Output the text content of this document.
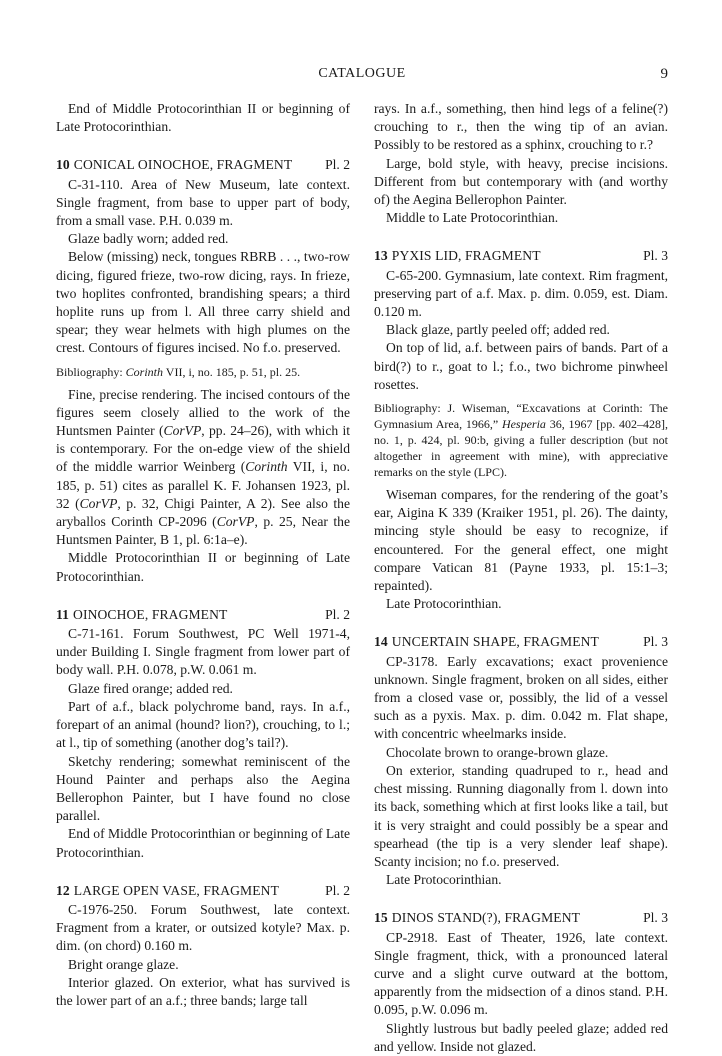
CATALOGUE	9

End of Middle Protocorinthian II or beginning of Late Protocorinthian.

10 CONICAL OINOCHOE, FRAGMENT	Pl. 2

C-31-110. Area of New Museum, late context. Single fragment, from base to upper part of body, from a small vase. P.H. 0.039 m.

Glaze badly worn; added red.

Below (missing) neck, tongues RBRB . . ., two-row dicing, figured frieze, two-row dicing, rays. In frieze, two hoplites confronted, brandishing spears; a third hoplite runs up from l. All three carry shield and spear; they wear helmets with high plumes on the crest. Contours of figures incised. No f.o. preserved.

Bibliography: Corinth VII, i, no. 185, p. 51, pl. 25.

Fine, precise rendering. The incised contours of the figures seem closely allied to the work of the Huntsmen Painter (CorVP, pp. 24–26), with which it is contemporary. For the on-edge view of the shield of the middle warrior Weinberg (Corinth VII, i, no. 185, p. 51) cites as parallel K. F. Johansen 1923, pl. 32 (CorVP, p. 32, Chigi Painter, A 2). See also the aryballos Corinth CP-2096 (CorVP, p. 25, Near the Huntsmen Painter, B 1, pl. 6:1a–e).

Middle Protocorinthian II or beginning of Late Protocorinthian.

11 OINOCHOE, FRAGMENT	Pl. 2

C-71-161. Forum Southwest, PC Well 1971-4, under Building I. Single fragment from lower part of body wall. P.H. 0.078, p.W. 0.061 m.

Glaze fired orange; added red.

Part of a.f., black polychrome band, rays. In a.f., forepart of an animal (hound? lion?), crouching, to l.; at l., tip of something (another dog’s tail?).

Sketchy rendering; somewhat reminiscent of the Hound Painter and perhaps also the Aegina Bellerophon Painter, but I have found no close parallel.

End of Middle Protocorinthian or beginning of Late Protocorinthian.

12 LARGE OPEN VASE, FRAGMENT	Pl. 2

C-1976-250. Forum Southwest, late context. Fragment from a krater, or outsized kotyle? Max. p. dim. (on chord) 0.160 m.

Bright orange glaze.

Interior glazed. On exterior, what has survived is the lower part of an a.f.; three bands; large tall

rays. In a.f., something, then hind legs of a feline(?) crouching to r., then the wing tip of an avian. Possibly to be restored as a sphinx, crouching to r.?

Large, bold style, with heavy, precise incisions. Different from but contemporary with (and worthy of) the Aegina Bellerophon Painter.

Middle to Late Protocorinthian.

13 PYXIS LID, FRAGMENT	Pl. 3

C-65-200. Gymnasium, late context. Rim fragment, preserving part of a.f. Max. p. dim. 0.059, est. Diam. 0.120 m.

Black glaze, partly peeled off; added red.

On top of lid, a.f. between pairs of bands. Part of a bird(?) to r., goat to l.; f.o., two bichrome pinwheel rosettes.

Bibliography: J. Wiseman, “Excavations at Corinth: The Gymnasium Area, 1966,” Hesperia 36, 1967 [pp. 402–428], no. 1, p. 424, pl. 90:b, giving a fuller description (but not altogether in agreement with mine), with appreciative remarks on the style (LPC).

Wiseman compares, for the rendering of the goat’s ear, Aigina K 339 (Kraiker 1951, pl. 26). The dainty, mincing style should be easy to recognize, if encountered. For the general effect, one might compare Vatican 81 (Payne 1933, pl. 15:1–3; repainted).

Late Protocorinthian.

14 UNCERTAIN SHAPE, FRAGMENT	Pl. 3

CP-3178. Early excavations; exact provenience unknown. Single fragment, broken on all sides, either from a closed vase or, possibly, the lid of a vessel such as a pyxis. Max. p. dim. 0.042 m. Flat shape, with concentric wheelmarks inside.

Chocolate brown to orange-brown glaze.

On exterior, standing quadruped to r., head and chest missing. Running diagonally from l. down into its back, something which at first looks like a tail, but it is very straight and could possibly be a spear and spearhead (the tip is a very slender leaf shape). Scanty incision; no f.o. preserved.

Late Protocorinthian.

15 DINOS STAND(?), FRAGMENT	Pl. 3

CP-2918. East of Theater, 1926, late context. Single fragment, thick, with a pronounced lateral curve and a slight curve outward at the bottom, apparently from the midsection of a dinos stand. P.H. 0.095, p.W. 0.096 m.

Slightly lustrous but badly peeled glaze; added red and yellow. Inside not glazed.
